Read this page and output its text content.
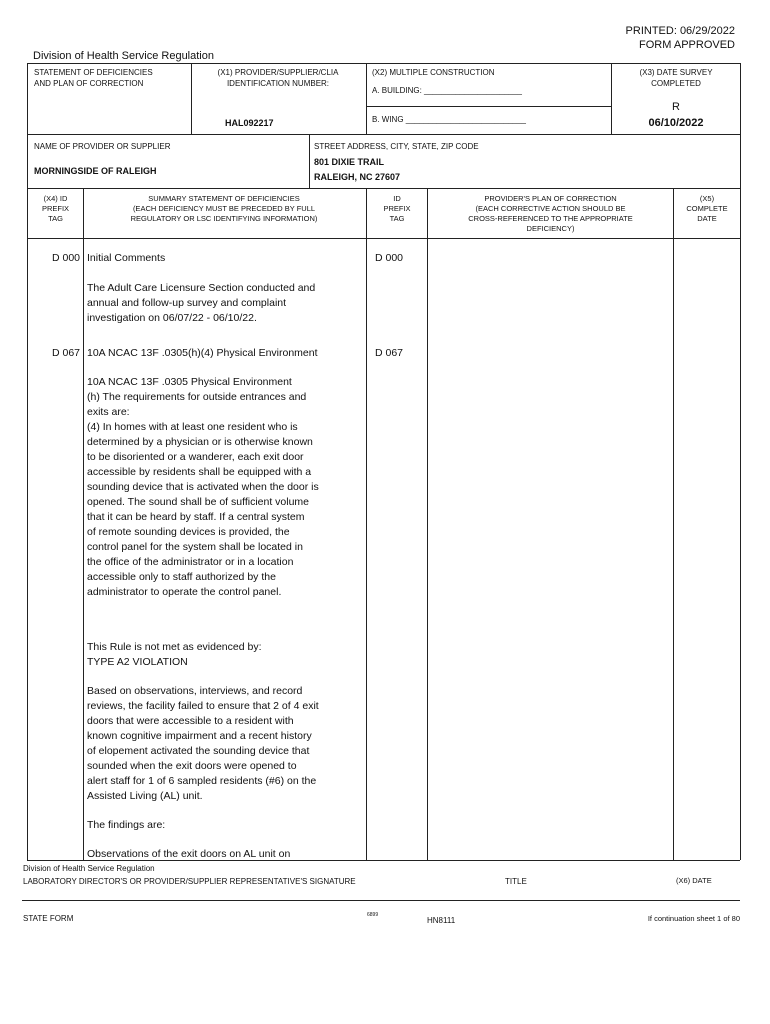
PRINTED: 06/29/2022
FORM APPROVED
Division of Health Service Regulation
STATEMENT OF DEFICIENCIES
AND PLAN OF CORRECTION
(X1) PROVIDER/SUPPLIER/CLIA
IDENTIFICATION NUMBER:
HAL092217
(X2) MULTIPLE CONSTRUCTION
A. BUILDING: ______________________
B. WING ___________________________
(X3) DATE SURVEY
COMPLETED
R
06/10/2022
NAME OF PROVIDER OR SUPPLIER
MORNINGSIDE OF RALEIGH
STREET ADDRESS, CITY, STATE, ZIP CODE
801 DIXIE TRAIL
RALEIGH, NC 27607
(X4) ID
PREFIX
TAG
SUMMARY STATEMENT OF DEFICIENCIES
(EACH DEFICIENCY MUST BE PRECEDED BY FULL
REGULATORY OR LSC IDENTIFYING INFORMATION)
ID
PREFIX
TAG
PROVIDER'S PLAN OF CORRECTION
(EACH CORRECTIVE ACTION SHOULD BE
CROSS-REFERENCED TO THE APPROPRIATE
DEFICIENCY)
(X5)
COMPLETE
DATE
D 000 Initial Comments	D 000
The Adult Care Licensure Section conducted and
annual and follow-up survey and complaint
investigation on 06/07/22 - 06/10/22.
D 067 10A NCAC 13F .0305(h)(4) Physical Environment	D 067
10A NCAC 13F .0305 Physical Environment
(h) The requirements for outside entrances and
exits are:
(4) In homes with at least one resident who is
determined by a physician or is otherwise known
to be disoriented or a wanderer, each exit door
accessible by residents shall be equipped with a
sounding device that is activated when the door is
opened. The sound shall be of sufficient volume
that it can be heard by staff. If a central system
of remote sounding devices is provided, the
control panel for the system shall be located in
the office of the administrator or in a location
accessible only to staff authorized by the
administrator to operate the control panel.
This Rule is not met as evidenced by:
TYPE A2 VIOLATION
Based on observations, interviews, and record
reviews, the facility failed to ensure that 2 of 4 exit
doors that were accessible to a resident with
known cognitive impairment and a recent history
of elopement activated the sounding device that
sounded when the exit doors were opened to
alert staff for 1 of 6 sampled residents (#6) on the
Assisted Living (AL) unit.
The findings are:
Observations of the exit doors on AL unit on
Division of Health Service Regulation
LABORATORY DIRECTOR'S OR PROVIDER/SUPPLIER REPRESENTATIVE'S SIGNATURE	TITLE	(X6) DATE
STATE FORM	6899
HN8111	If continuation sheet 1 of 80
